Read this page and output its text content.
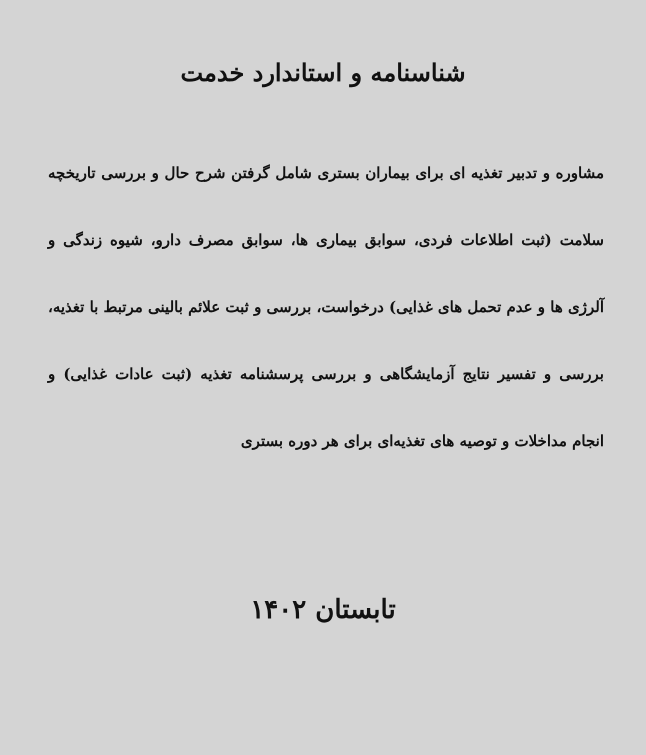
شناسنامه و استاندارد خدمت
مشاوره و تدبیر تغذیه ای برای بیماران بستری شامل گرفتن شرح حال و بررسی تاریخچه سلامت (ثبت اطلاعات فردی، سوابق بیماری ها، سوابق مصرف دارو، شیوه زندگی و آلرژی ها و عدم تحمل های غذایی) درخواست، بررسی و ثبت علائم بالینی مرتبط با تغذیه، بررسی و تفسیر نتایج آزمایشگاهی و بررسی پرسشنامه تغذیه (ثبت عادات غذایی) و انجام مداخلات و توصیه های تغذیه‌ای برای هر دوره بستری
تابستان ۱۴۰۲
